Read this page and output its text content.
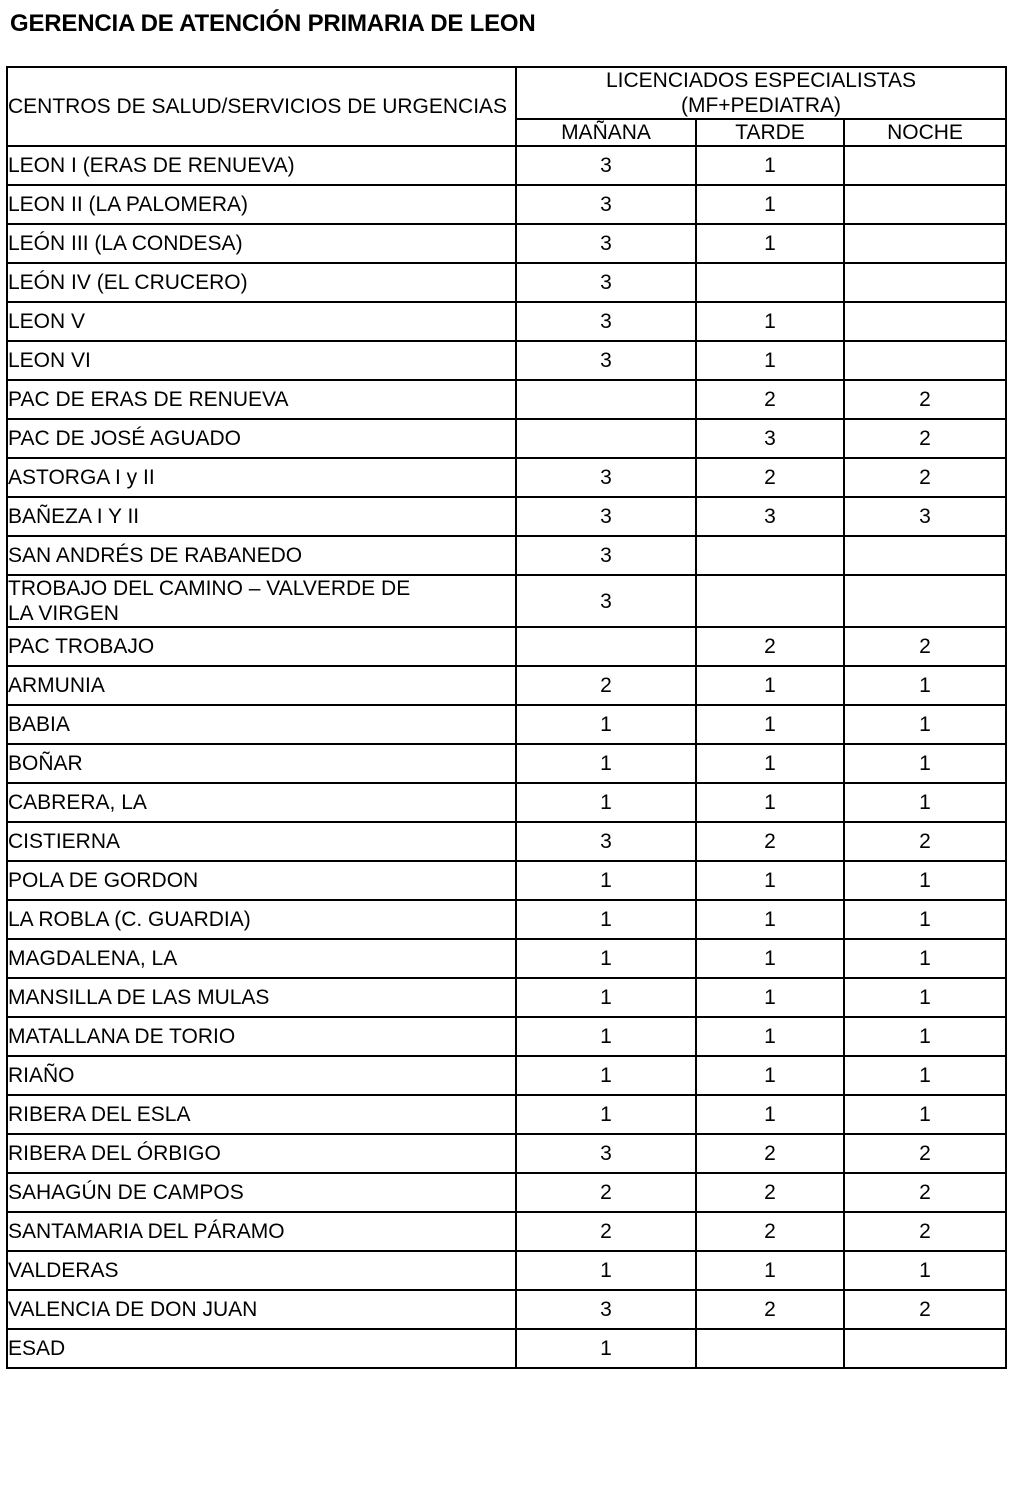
GERENCIA DE ATENCIÓN PRIMARIA DE LEON
CENTROS DE SALUD/SERVICIOS DE URGENCIAS	LICENCIADOS ESPECIALISTAS
(MF+PEDIATRA)		
	MAÑANA	TARDE	NOCHE
LEON I (ERAS DE RENUEVA)	3	1	
LEON II (LA PALOMERA)	3	1	
LEÓN III (LA CONDESA)	3	1	
LEÓN IV (EL CRUCERO)	3		
LEON V	3	1	
LEON VI	3	1	
PAC DE ERAS DE RENUEVA		2	2
PAC DE JOSÉ AGUADO		3	2
ASTORGA I y II	3	2	2
BAÑEZA I Y II	3	3	3
SAN ANDRÉS DE RABANEDO	3		

TROBAJO DEL CAMINO – VALVERDE DE
LA VIRGEN	3		
PAC TROBAJO		2	2
ARMUNIA	2	1	1
BABIA	1	1	1
BOÑAR	1	1	1
CABRERA, LA	1	1	1
CISTIERNA	3	2	2
POLA DE GORDON	1	1	1
LA ROBLA (C. GUARDIA)	1	1	1
MAGDALENA, LA	1	1	1
MANSILLA DE LAS MULAS	1	1	1
MATALLANA DE TORIO	1	1	1
RIAÑO	1	1	1
RIBERA DEL ESLA	1	1	1
RIBERA DEL ÓRBIGO	3	2	2
SAHAGÚN DE CAMPOS	2	2	2
SANTAMARIA DEL PÁRAMO	2	2	2
VALDERAS	1	1	1
VALENCIA DE DON JUAN	3	2	2
ESAD	1		
